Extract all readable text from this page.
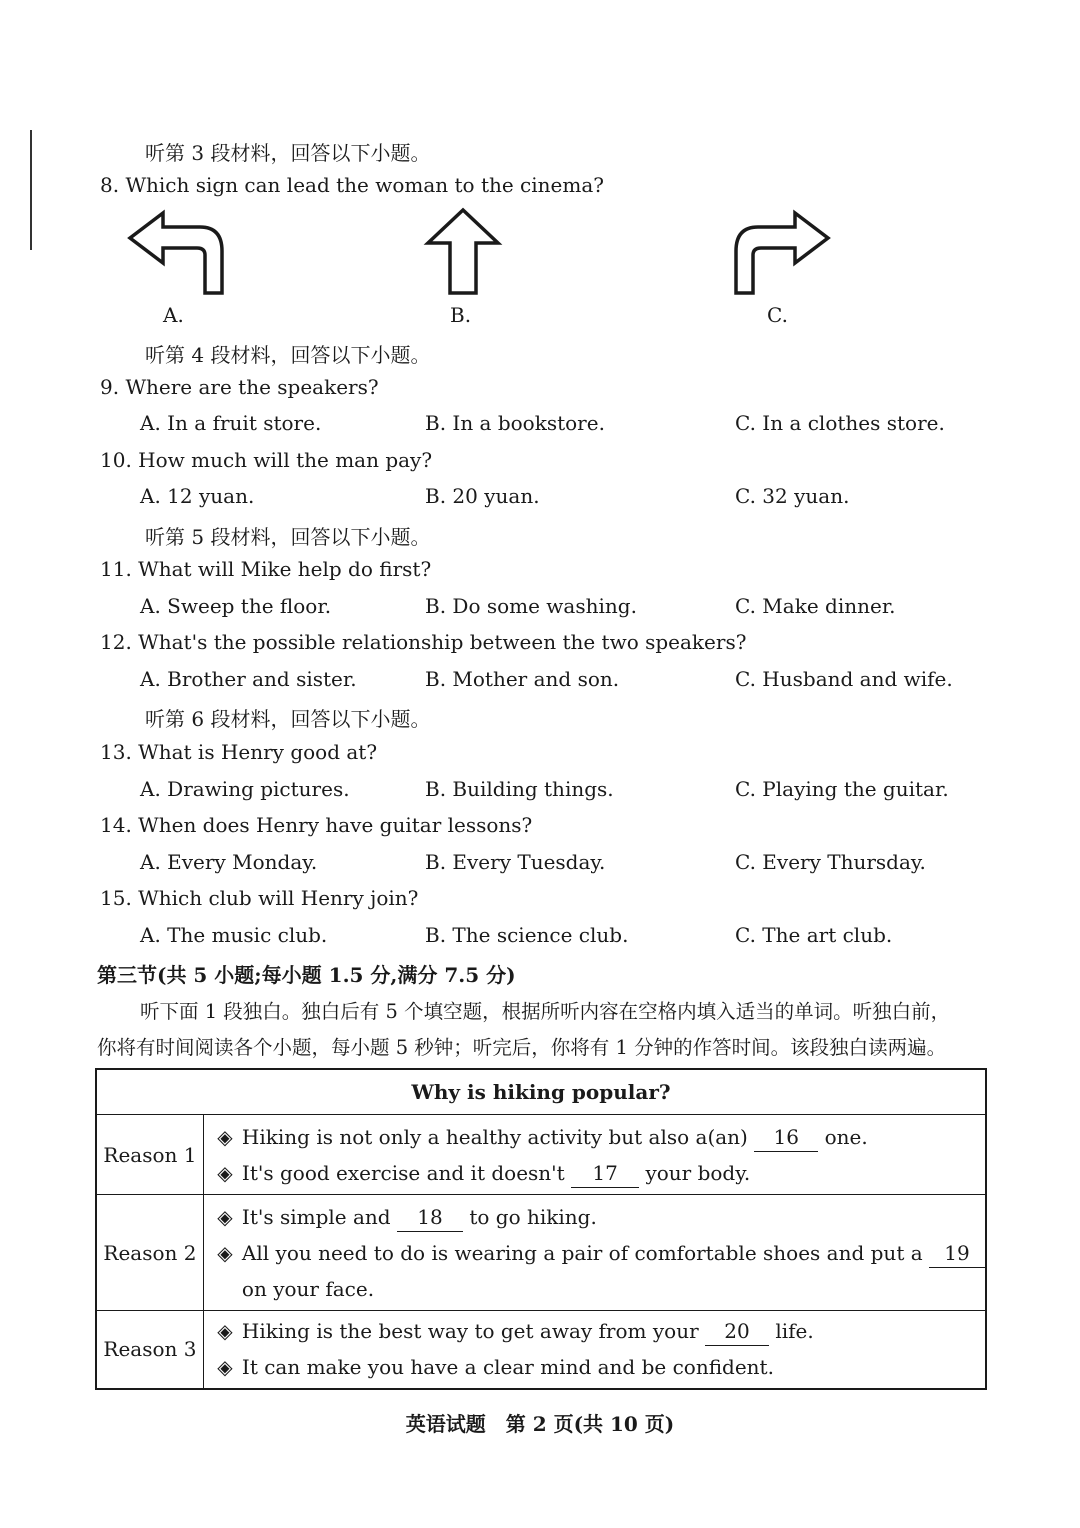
听第 3 段材料，回答以下小题。
8. Which sign can lead the woman to the cinema?
A.	B.	C.
听第 4 段材料，回答以下小题。
9. Where are the speakers?
A. In a fruit store.	B. In a bookstore.	C. In a clothes store.
10. How much will the man pay?
A. 12 yuan.	B. 20 yuan.	C. 32 yuan.
听第 5 段材料，回答以下小题。
11. What will Mike help do first?
A. Sweep the floor.	B. Do some washing.	C. Make dinner.
12. What's the possible relationship between the two speakers?
A. Brother and sister.	B. Mother and son.	C. Husband and wife.
听第 6 段材料，回答以下小题。
13. What is Henry good at?
A. Drawing pictures.	B. Building things.	C. Playing the guitar.
14. When does Henry have guitar lessons?
A. Every Monday.	B. Every Tuesday.	C. Every Thursday.
15. Which club will Henry join?
A. The music club.	B. The science club.	C. The art club.
第三节(共 5 小题;每小题 1.5 分,满分 7.5 分)
听下面 1 段独白。独白后有 5 个填空题，根据所听内容在空格内填入适当的单词。听独白前，
你将有时间阅读各个小题，每小题 5 秒钟；听完后，你将有 1 分钟的作答时间。该段独白读两遍。
Why is hiking popular?	
Reason 1	◈ Hiking is not only a healthy activity but also a(an) 16 one.
◈ It's good exercise and it doesn't 17 your body.

Reason 2	◈ It's simple and 18 to go hiking.
◈ All you need to do is wearing a pair of comfortable shoes and put a 19
on your face.

Reason 3	◈ Hiking is the best way to get away from your 20 life.
◈ It can make you have a clear mind and be confident.
英语试题　第 2 页(共 10 页)
